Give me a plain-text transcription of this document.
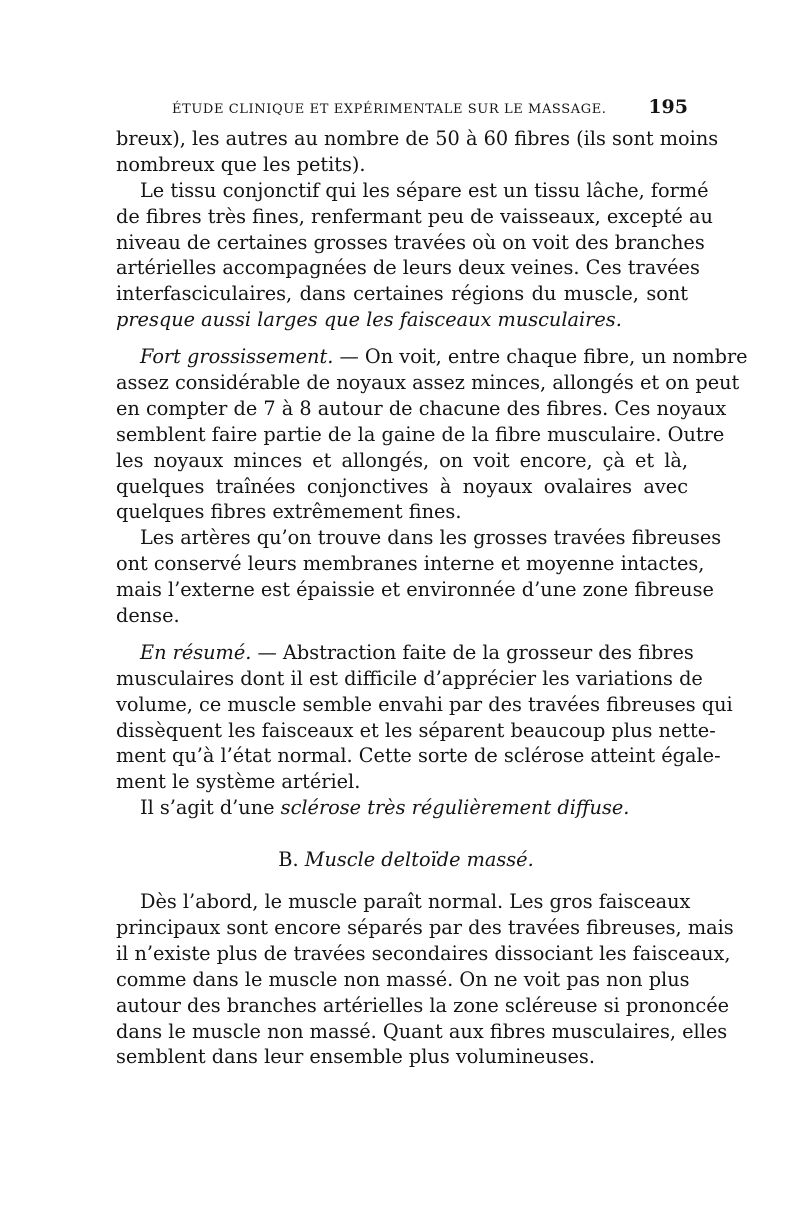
ÉTUDE CLINIQUE ET EXPÉRIMENTALE SUR LE MASSAGE. 195
breux), les autres au nombre de 50 à 60 fibres (ils sont moins
nombreux que les petits).
Le tissu conjonctif qui les sépare est un tissu lâche, formé
de fibres très fines, renfermant peu de vaisseaux, excepté au
niveau de certaines grosses travées où on voit des branches
artérielles accompagnées de leurs deux veines. Ces travées
interfasciculaires, dans certaines régions du muscle, sont
presque aussi larges que les faisceaux musculaires.
Fort grossissement. — On voit, entre chaque fibre, un nombre
assez considérable de noyaux assez minces, allongés et on peut
en compter de 7 à 8 autour de chacune des fibres. Ces noyaux
semblent faire partie de la gaine de la fibre musculaire. Outre
les noyaux minces et allongés, on voit encore, çà et là,
quelques traînées conjonctives à noyaux ovalaires avec
quelques fibres extrêmement fines.
Les artères qu’on trouve dans les grosses travées fibreuses
ont conservé leurs membranes interne et moyenne intactes,
mais l’externe est épaissie et environnée d’une zone fibreuse
dense.
En résumé. — Abstraction faite de la grosseur des fibres
musculaires dont il est difficile d’apprécier les variations de
volume, ce muscle semble envahi par des travées fibreuses qui
dissèquent les faisceaux et les séparent beaucoup plus nette-
ment qu’à l’état normal. Cette sorte de sclérose atteint égale-
ment le système artériel.
Il s’agit d’une sclérose très régulièrement diffuse.
B. Muscle deltoïde massé.
Dès l’abord, le muscle paraît normal. Les gros faisceaux
principaux sont encore séparés par des travées fibreuses, mais
il n’existe plus de travées secondaires dissociant les faisceaux,
comme dans le muscle non massé. On ne voit pas non plus
autour des branches artérielles la zone scléreuse si prononcée
dans le muscle non massé. Quant aux fibres musculaires, elles
semblent dans leur ensemble plus volumineuses.
